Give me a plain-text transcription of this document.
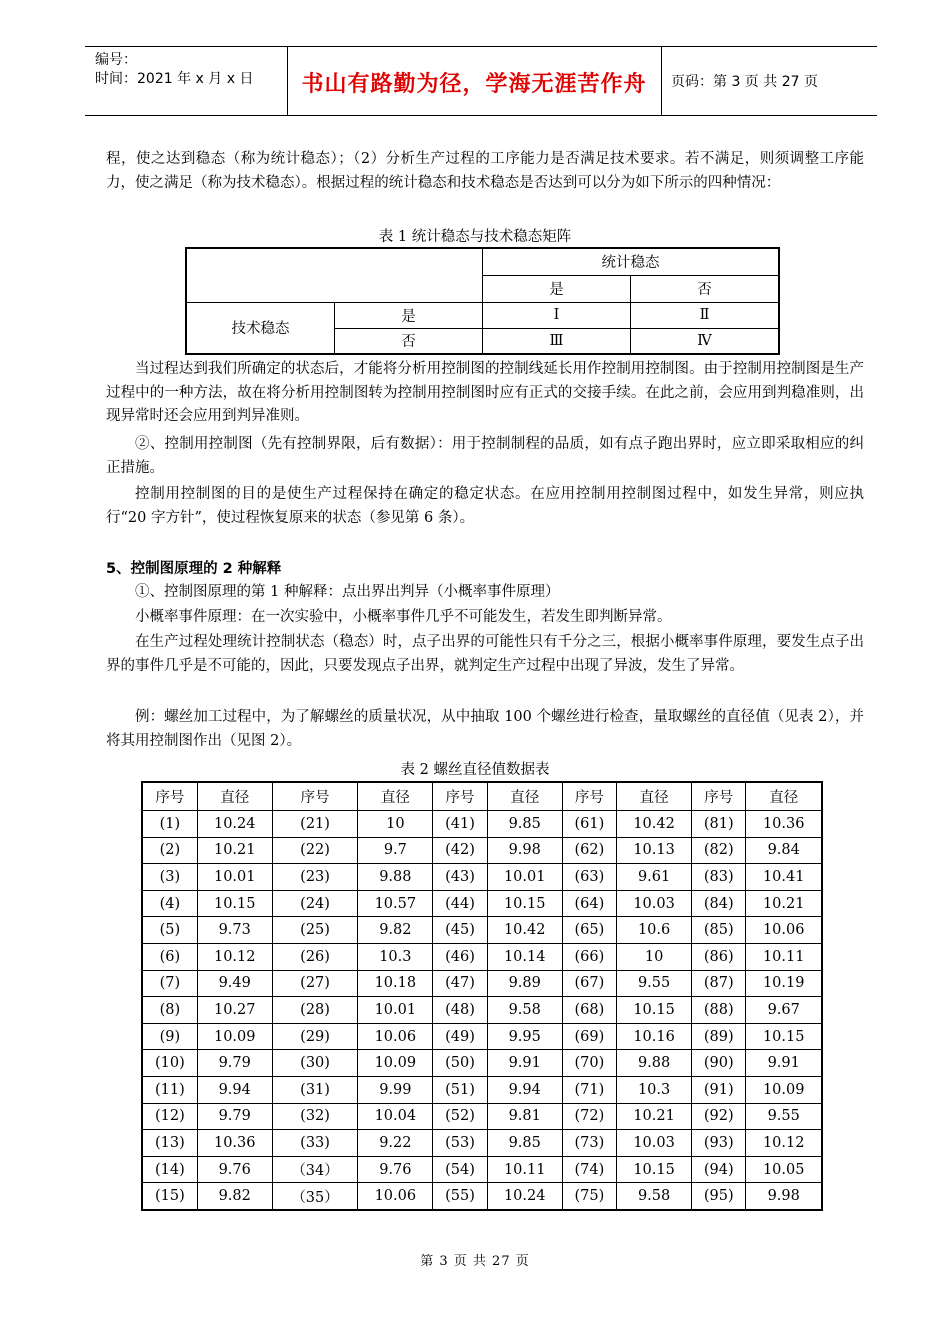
编号：
时间：2021 年 x 月 x 日	书山有路勤为径，学海无涯苦作舟	页码：第 3 页 共 27 页
程，使之达到稳态（称为统计稳态）；（2）分析生产过程的工序能力是否满足技术要求。若不满足，则须调整工序能力，使之满足（称为技术稳态）。根据过程的统计稳态和技术稳态是否达到可以分为如下所示的四种情况：
表 1 统计稳态与技术稳态矩阵
		统计稳态	
		是	否
技术稳态	是	Ⅰ	Ⅱ
	否	Ⅲ	Ⅳ
当过程达到我们所确定的状态后，才能将分析用控制图的控制线延长用作控制用控制图。由于控制用控制图是生产过程中的一种方法，故在将分析用控制图转为控制用控制图时应有正式的交接手续。在此之前，会应用到判稳准则，出现异常时还会应用到判异准则。
②、控制用控制图（先有控制界限，后有数据）：用于控制制程的品质，如有点子跑出界时，应立即采取相应的纠正措施。
控制用控制图的目的是使生产过程保持在确定的稳定状态。在应用控制用控制图过程中，如发生异常，则应执行“20 字方针”，使过程恢复原来的状态（参见第 6 条）。
5、控制图原理的 2 种解释
①、控制图原理的第 1 种解释：点出界出判异（小概率事件原理）
小概率事件原理：在一次实验中，小概率事件几乎不可能发生，若发生即判断异常。
在生产过程处理统计控制状态（稳态）时，点子出界的可能性只有千分之三，根据小概率事件原理，要发生点子出界的事件几乎是不可能的，因此，只要发现点子出界，就判定生产过程中出现了异波，发生了异常。
例：螺丝加工过程中，为了解螺丝的质量状况，从中抽取 100 个螺丝进行检查，量取螺丝的直径值（见表 2），并将其用控制图作出（见图 2）。
表 2 螺丝直径值数据表
序号	直径	序号	直径	序号	直径	序号	直径	序号	直径
(1)	10.24	(21)	10	(41)	9.85	(61)	10.42	(81)	10.36
(2)	10.21	(22)	9.7	(42)	9.98	(62)	10.13	(82)	9.84
(3)	10.01	(23)	9.88	(43)	10.01	(63)	9.61	(83)	10.41
(4)	10.15	(24)	10.57	(44)	10.15	(64)	10.03	(84)	10.21
(5)	9.73	(25)	9.82	(45)	10.42	(65)	10.6	(85)	10.06
(6)	10.12	(26)	10.3	(46)	10.14	(66)	10	(86)	10.11
(7)	9.49	(27)	10.18	(47)	9.89	(67)	9.55	(87)	10.19
(8)	10.27	(28)	10.01	(48)	9.58	(68)	10.15	(88)	9.67
(9)	10.09	(29)	10.06	(49)	9.95	(69)	10.16	(89)	10.15
(10)	9.79	(30)	10.09	(50)	9.91	(70)	9.88	(90)	9.91
(11)	9.94	(31)	9.99	(51)	9.94	(71)	10.3	(91)	10.09
(12)	9.79	(32)	10.04	(52)	9.81	(72)	10.21	(92)	9.55
(13)	10.36	(33)	9.22	(53)	9.85	(73)	10.03	(93)	10.12
(14)	9.76	（34）	9.76	(54)	10.11	(74)	10.15	(94)	10.05
(15)	9.82	（35）	10.06	(55)	10.24	(75)	9.58	(95)	9.98
第 3 页 共 27 页
